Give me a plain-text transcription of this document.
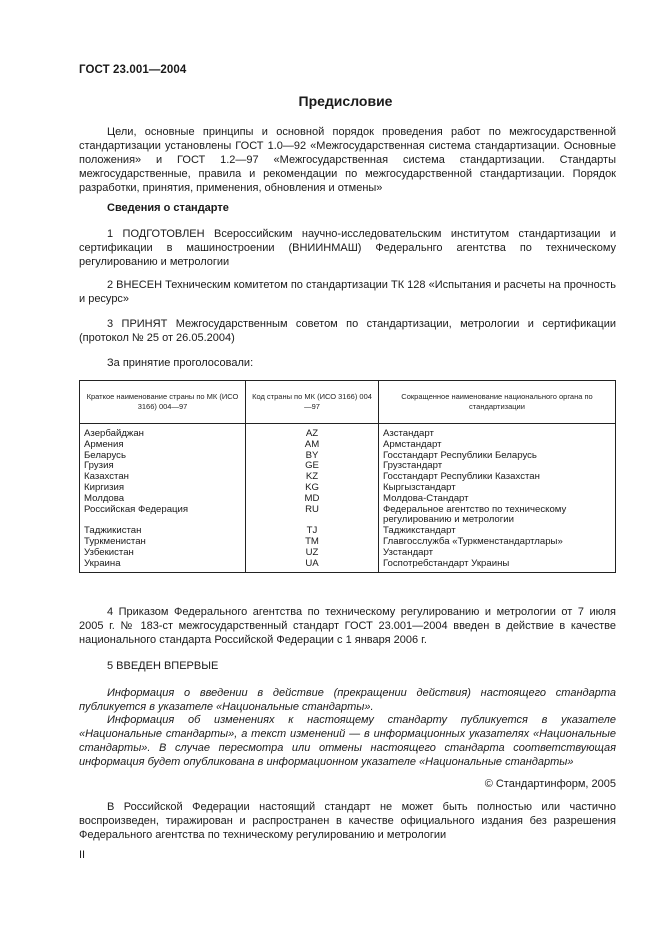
ГОСТ 23.001—2004
Предисловие
Цели, основные принципы и основной порядок проведения работ по межгосударственной стандартизации установлены ГОСТ 1.0—92 «Межгосударственная система стандартизации. Основные положения» и ГОСТ 1.2—97 «Межгосударственная система стандартизации. Стандарты межгосударственные, правила и рекомендации по межгосударственной стандартизации. Порядок разработки, принятия, применения, обновления и отмены»
Сведения о стандарте
1 ПОДГОТОВЛЕН Всероссийским научно-исследовательским институтом стандартизации и сертификации в машиностроении (ВНИИНМАШ) Федеральнго агентства по техническому регулированию и метрологии
2 ВНЕСЕН Техническим комитетом по стандартизации ТК 128 «Испытания и расчеты на прочность и ресурс»
3 ПРИНЯТ Межгосударственным советом по стандартизации, метрологии и сертификации (протокол № 25 от 26.05.2004)
За принятие проголосовали:
Краткое наименование страны по МК (ИСО 3166) 004—97	Код страны по МК (ИСО 3166) 004—97	Сокращенное наименование национального органа по стандартизации
Азербайджан	AZ	Азстандарт
Армения	AM	Армстандарт
Беларусь	BY	Госстандарт Республики Беларусь
Грузия	GE	Грузстандарт
Казахстан	KZ	Госстандарт Республики Казахстан
Киргизия	KG	Кыргызстандарт
Молдова	MD	Молдова-Стандарт
Российская Федерация	RU	Федеральное агентство по техническому регулированию и метрологии
Таджикистан	TJ	Таджикстандарт
Туркменистан	TM	Главгосслужба «Туркменстандартлары»
Узбекистан	UZ	Узстандарт
Украина	UA	Госпотребстандарт Украины
4 Приказом Федерального агентства по техническому регулированию и метрологии от 7 июля 2005 г. № 183-ст межгосударственный стандарт ГОСТ 23.001—2004 введен в действие в качестве национального стандарта Российской Федерации с 1 января 2006 г.
5 ВВЕДЕН ВПЕРВЫЕ
Информация о введении в действие (прекращении действия) настоящего стандарта публикуется в указателе «Национальные стандарты».
Информация об изменениях к настоящему стандарту публикуется в указателе «Национальные стандарты», а текст изменений — в информационных указателях «Национальные стандарты». В случае пересмотра или отмены настоящего стандарта соответствующая информация будет опубликована в информационном указателе «Национальные стандарты»
© Стандартинформ, 2005
В Российской Федерации настоящий стандарт не может быть полностью или частично воспроизведен, тиражирован и распространен в качестве официального издания без разрешения Федерального агентства по техническому регулированию и метрологии
II
